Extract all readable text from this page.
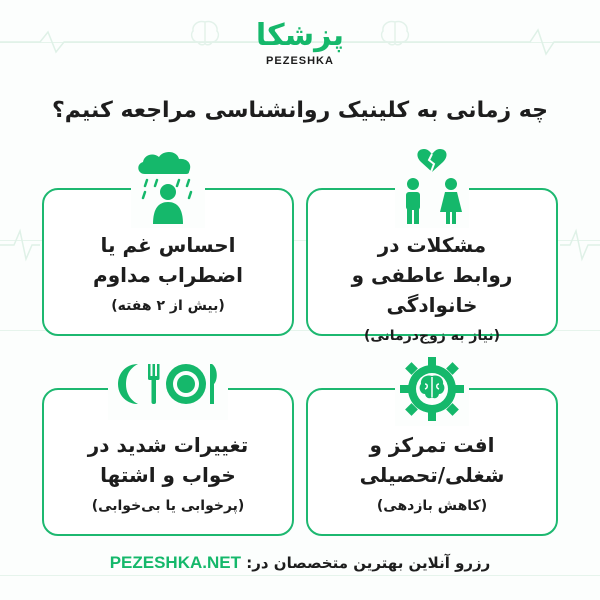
پزشکا
PEZESHKA
چه زمانی به کلینیک روانشناسی مراجعه کنیم؟
مشکلات در
روابط عاطفی و خانوادگی
(نیاز به زوج‌درمانی)
احساس غم یا
اضطراب مداوم
(بیش از ۲ هفته)
افت تمرکز و
شغلی/تحصیلی
(کاهش بازدهی)
تغییرات شدید در
خواب و اشتها
(پرخوابی یا بی‌خوابی)
رزرو آنلاین بهترین متخصصان در: PEZESHKA.NET
